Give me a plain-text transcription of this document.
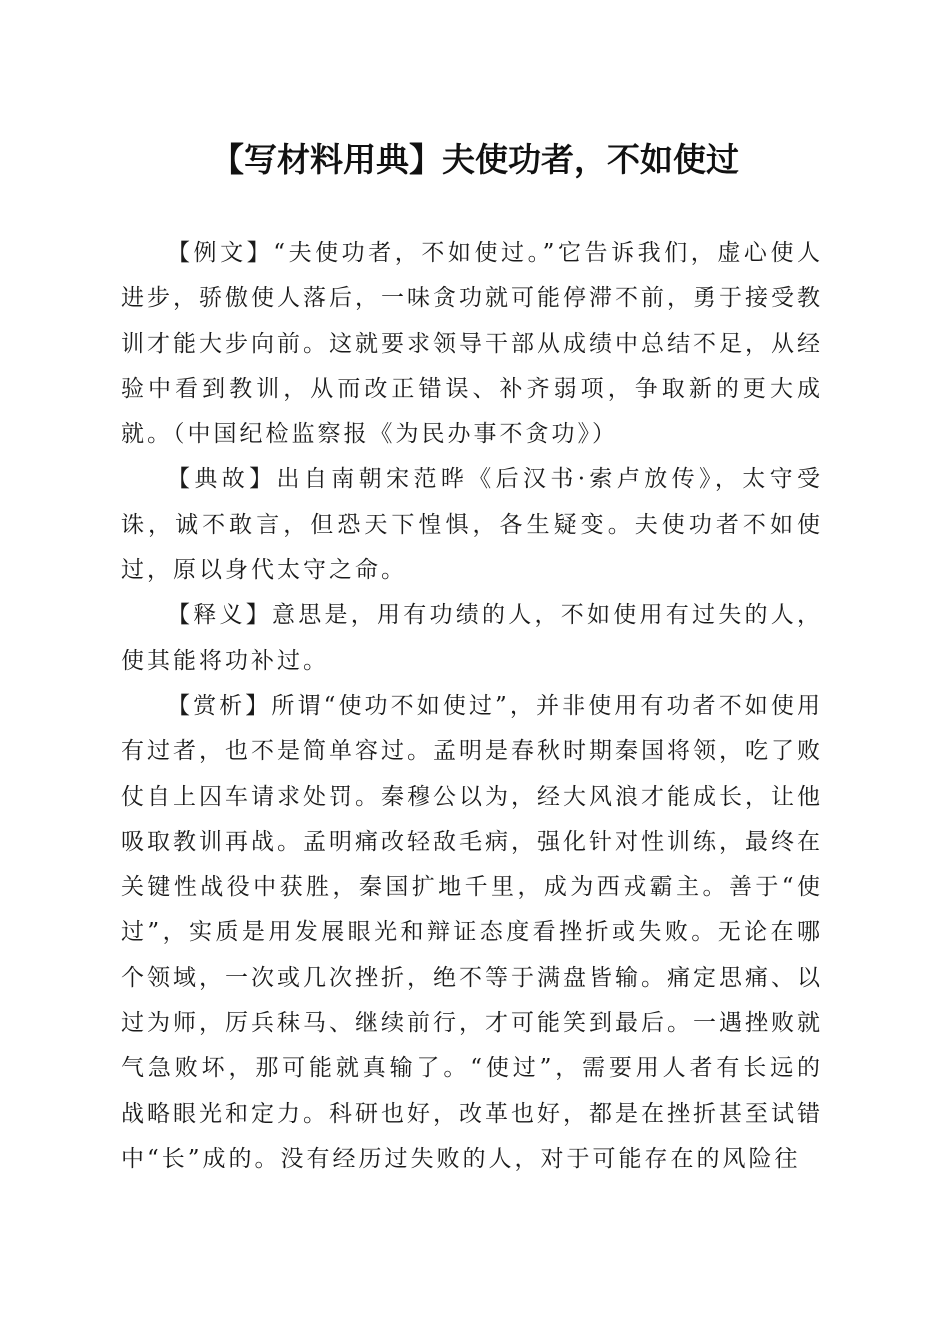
【写材料用典】夫使功者，不如使过

【例文】“夫使功者，不如使过。”它告诉我们，虚心使人进步，骄傲使人落后，一味贪功就可能停滞不前，勇于接受教训才能大步向前。这就要求领导干部从成绩中总结不足，从经验中看到教训，从而改正错误、补齐弱项，争取新的更大成就。（中国纪检监察报《为民办事不贪功》）

【典故】出自南朝宋范晔《后汉书·索卢放传》，太守受诛，诚不敢言，但恐天下惶惧，各生疑变。夫使功者不如使过，原以身代太守之命。

【释义】意思是，用有功绩的人，不如使用有过失的人，使其能将功补过。

【赏析】所谓“使功不如使过”，并非使用有功者不如使用有过者，也不是简单容过。孟明是春秋时期秦国将领，吃了败仗自上囚车请求处罚。秦穆公以为，经大风浪才能成长，让他吸取教训再战。孟明痛改轻敌毛病，强化针对性训练，最终在关键性战役中获胜，秦国扩地千里，成为西戎霸主。善于“使过”，实质是用发展眼光和辩证态度看挫折或失败。无论在哪个领域，一次或几次挫折，绝不等于满盘皆输。痛定思痛、以过为师，厉兵秣马、继续前行，才可能笑到最后。一遇挫败就气急败坏，那可能就真输了。“使过”，需要用人者有长远的战略眼光和定力。科研也好，改革也好，都是在挫折甚至试错中“长”成的。没有经历过失败的人，对于可能存在的风险往
